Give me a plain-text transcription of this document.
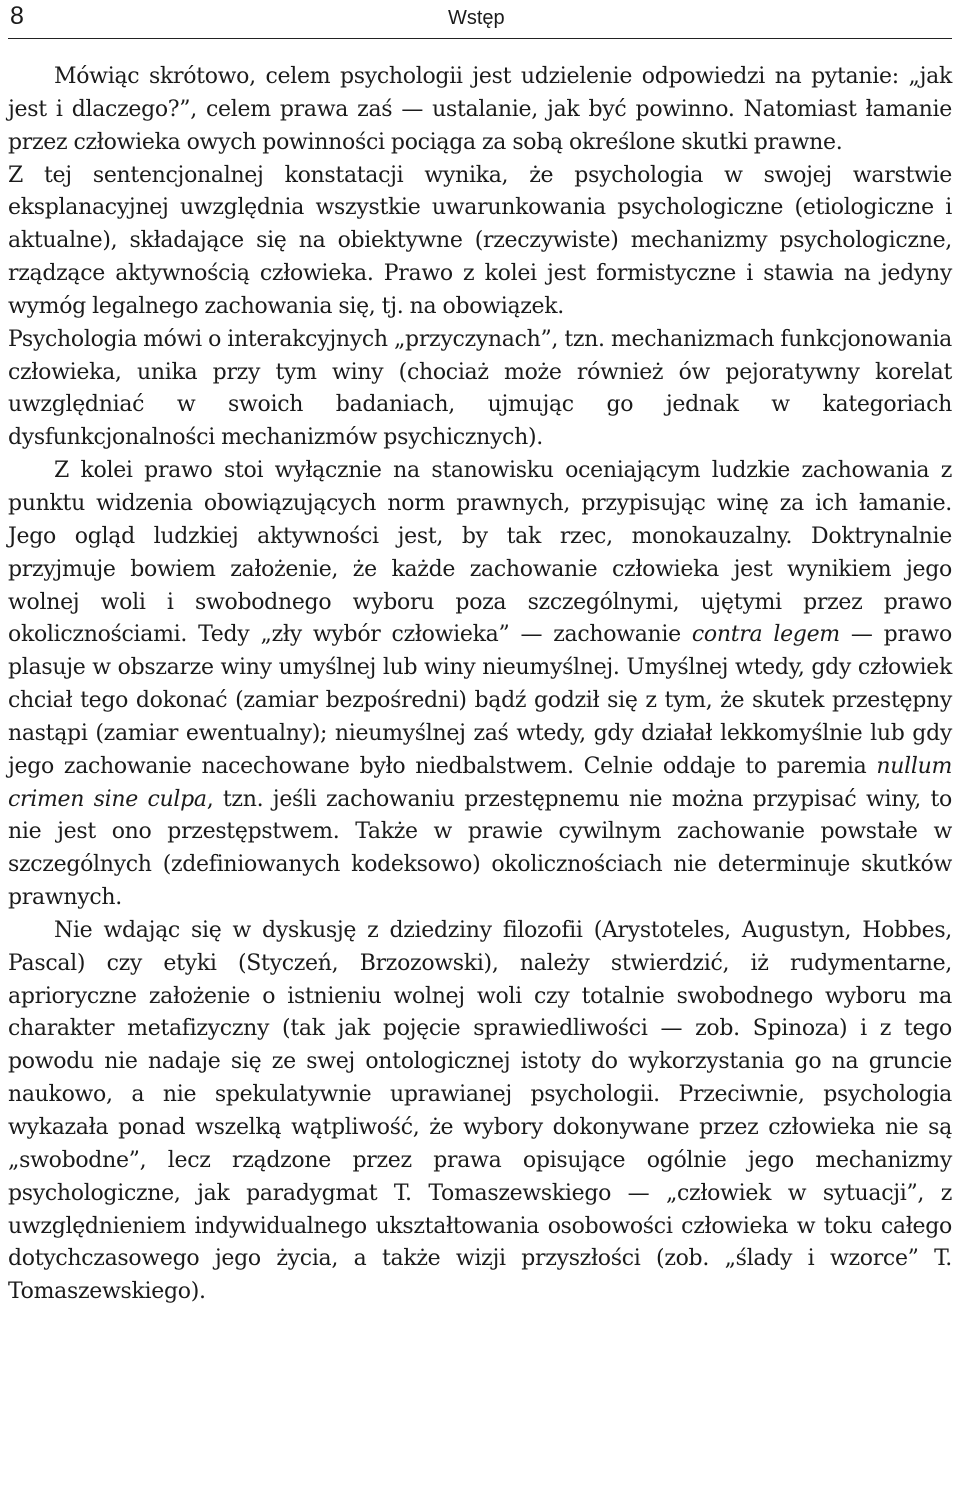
8	Wstęp

Mówiąc skrótowo, celem psychologii jest udzielenie odpowiedzi na pytanie: „jak jest i dlaczego?”, celem prawa zaś — ustalanie, jak być powinno. Natomiast łamanie przez człowieka owych powinności pociąga za sobą określone skutki prawne.

Z tej sentencjonalnej konstatacji wynika, że psychologia w swojej warstwie eksplanacyjnej uwzględnia wszystkie uwarunkowania psychologiczne (etiologiczne i aktualne), składające się na obiektywne (rzeczywiste) mechanizmy psychologiczne, rządzące aktywnością człowieka. Prawo z kolei jest formistyczne i stawia na jedyny wymóg legalnego zachowania się, tj. na obowiązek.

Psychologia mówi o interakcyjnych „przyczynach”, tzn. mechanizmach funkcjonowania człowieka, unika przy tym winy (chociaż może również ów pejoratywny korelat uwzględniać w swoich badaniach, ujmując go jednak w kategoriach dysfunkcjonalności mechanizmów psychicznych).

Z kolei prawo stoi wyłącznie na stanowisku oceniającym ludzkie zachowania z punktu widzenia obowiązujących norm prawnych, przypisując winę za ich łamanie. Jego ogląd ludzkiej aktywności jest, by tak rzec, monokauzalny. Doktrynalnie przyjmuje bowiem założenie, że każde zachowanie człowieka jest wynikiem jego wolnej woli i swobodnego wyboru poza szczególnymi, ujętymi przez prawo okolicznościami. Tedy „zły wybór człowieka” — zachowanie contra legem — prawo plasuje w obszarze winy umyślnej lub winy nieumyślnej. Umyślnej wtedy, gdy człowiek chciał tego dokonać (zamiar bezpośredni) bądź godził się z tym, że skutek przestępny nastąpi (zamiar ewentualny); nieumyślnej zaś wtedy, gdy działał lekkomyślnie lub gdy jego zachowanie nacechowane było niedbalstwem. Celnie oddaje to paremia nullum crimen sine culpa, tzn. jeśli zachowaniu przestępnemu nie można przypisać winy, to nie jest ono przestępstwem. Także w prawie cywilnym zachowanie powstałe w szczególnych (zdefiniowanych kodeksowo) okolicznościach nie determinuje skutków prawnych.

Nie wdając się w dyskusję z dziedziny filozofii (Arystoteles, Augustyn, Hobbes, Pascal) czy etyki (Styczeń, Brzozowski), należy stwierdzić, iż rudymentarne, aprioryczne założenie o istnieniu wolnej woli czy totalnie swobodnego wyboru ma charakter metafizyczny (tak jak pojęcie sprawiedliwości — zob. Spinoza) i z tego powodu nie nadaje się ze swej ontologicznej istoty do wykorzystania go na gruncie naukowo, a nie spekulatywnie uprawianej psychologii. Przeciwnie, psychologia wykazała ponad wszelką wątpliwość, że wybory dokonywane przez człowieka nie są „swobodne”, lecz rządzone przez prawa opisujące ogólnie jego mechanizmy psychologiczne, jak paradygmat T. Tomaszewskiego — „człowiek w sytuacji”, z uwzględnieniem indywidualnego ukształtowania osobowości człowieka w toku całego dotychczasowego jego życia, a także wizji przyszłości (zob. „ślady i wzorce” T. Tomaszewskiego).
